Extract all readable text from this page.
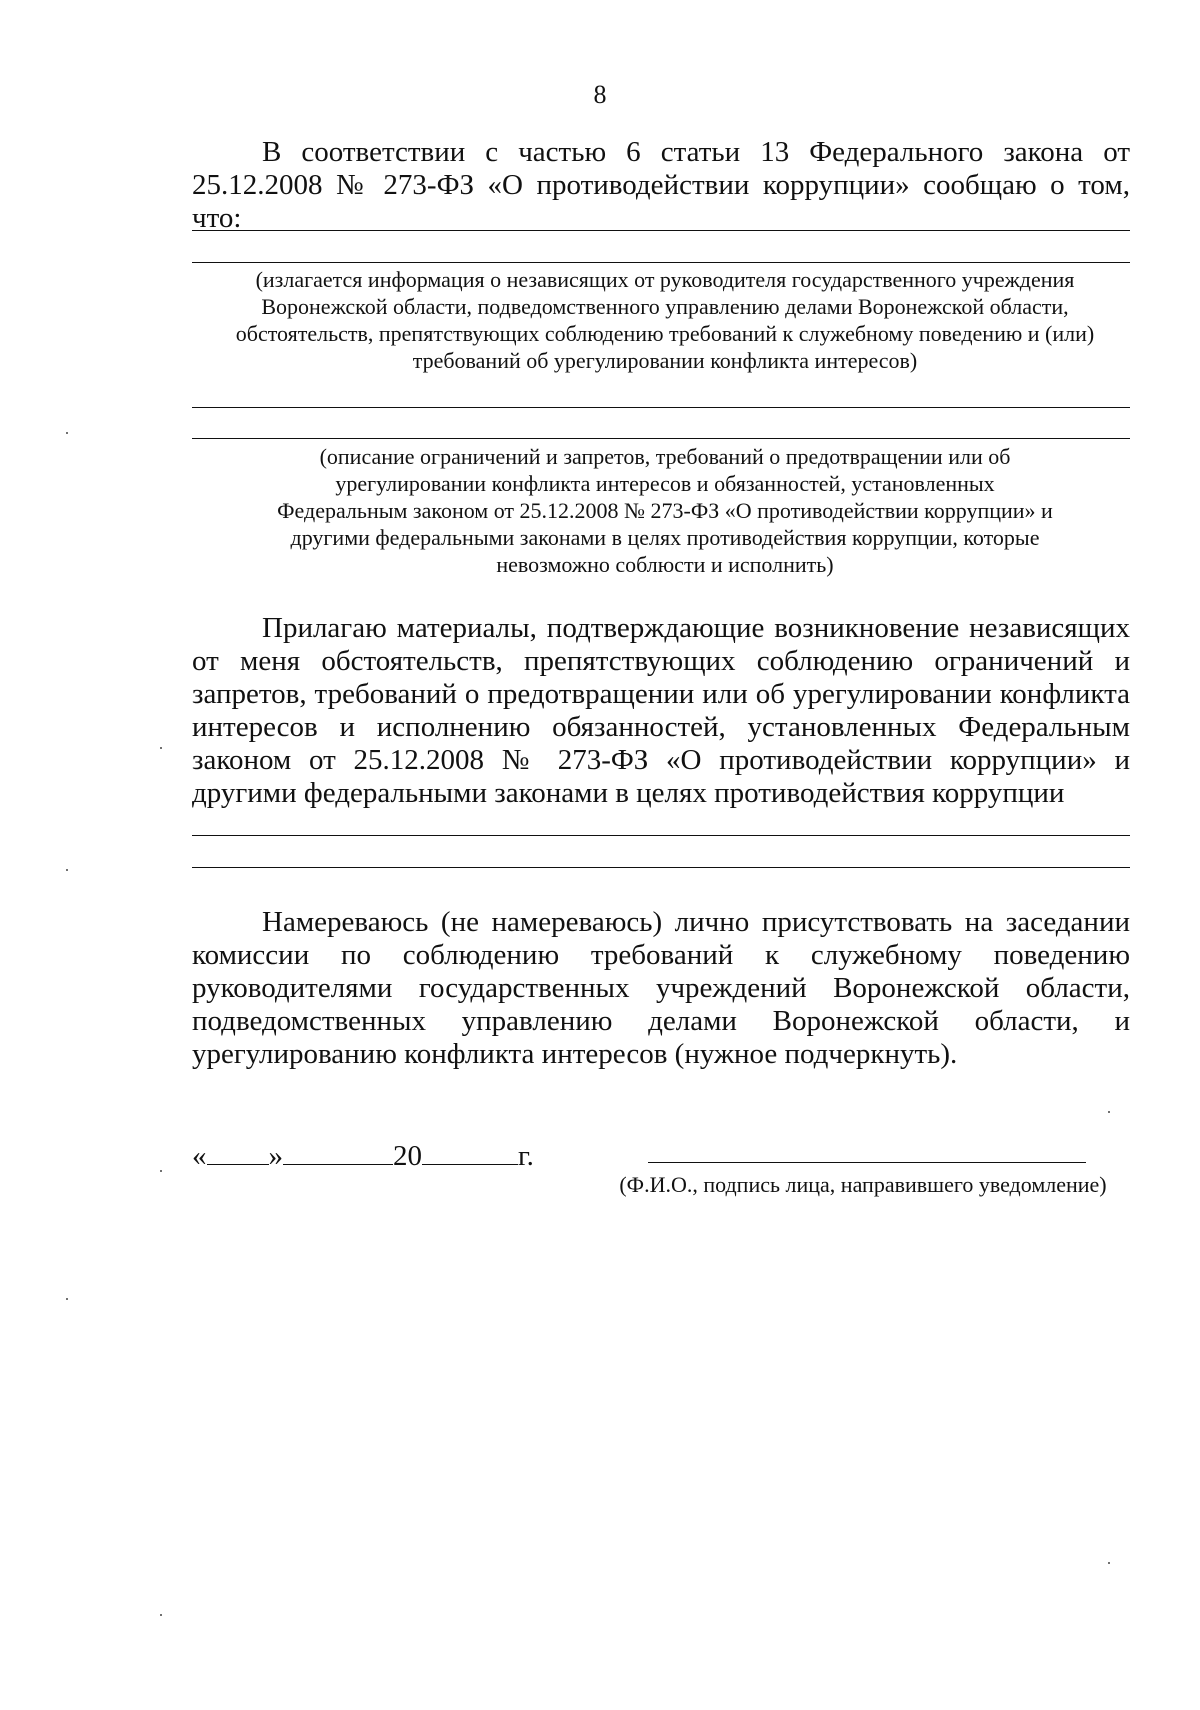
8

В соответствии с частью 6 статьи 13 Федерального закона от 25.12.2008 № 273-ФЗ «О противодействии коррупции» сообщаю о том, что:

(излагается информация о независящих от руководителя государственного учреждения Воронежской области, подведомственного управлению делами Воронежской области, обстоятельств, препятствующих соблюдению требований к служебному поведению и (или) требований об урегулировании конфликта интересов)

(описание ограничений и запретов, требований о предотвращении или об урегулировании конфликта интересов и обязанностей, установленных Федеральным законом от 25.12.2008 № 273-ФЗ «О противодействии коррупции» и другими федеральными законами в целях противодействия коррупции, которые невозможно соблюсти и исполнить)

Прилагаю материалы, подтверждающие возникновение независящих от меня обстоятельств, препятствующих соблюдению ограничений и запретов, требований о предотвращении или об урегулировании конфликта интересов и исполнению обязанностей, установленных Федеральным законом от 25.12.2008 № 273-ФЗ «О противодействии коррупции» и другими федеральными законами в целях противодействия коррупции

Намереваюсь (не намереваюсь) лично присутствовать на заседании комиссии по соблюдению требований к служебному поведению руководителями государственных учреждений Воронежской области, подведомственных управлению делами Воронежской области, и урегулированию конфликта интересов (нужное подчеркнуть).

« »	20	г.
(Ф.И.О., подпись лица, направившего уведомление)
